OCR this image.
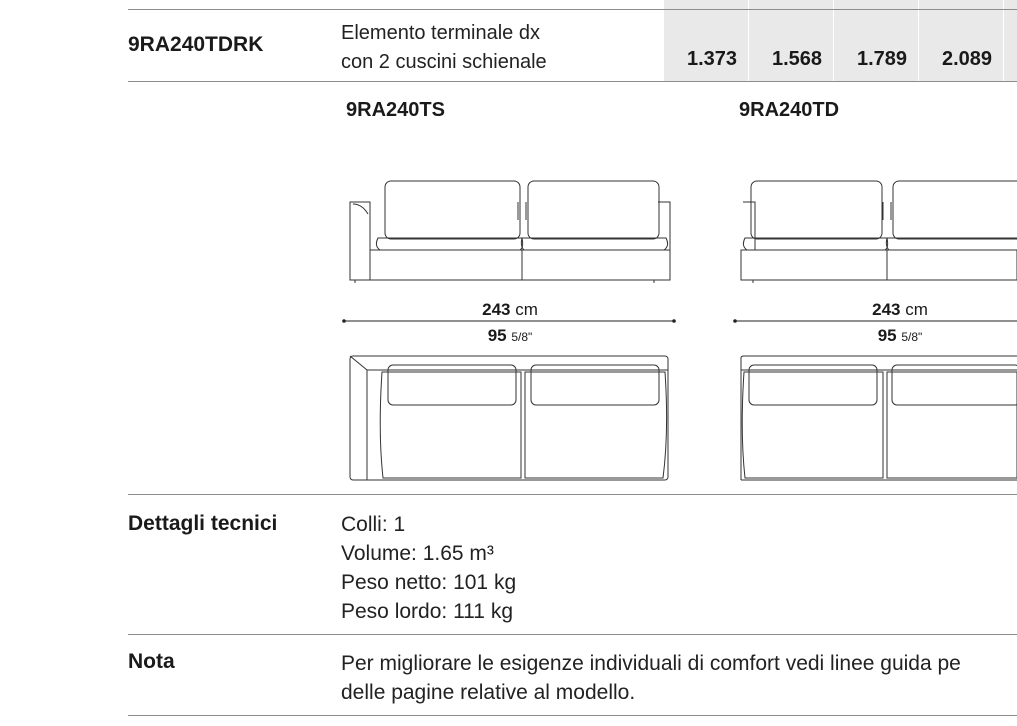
9RA240TDRK	Elemento terminale dx
con 2 cuscini schienale	1.373	1.568	1.789	2.089
9RA240TS	9RA240TD
243 cm
95 5/8"
243 cm
95 5/8"
Dettagli tecnici	Colli: 1
Volume: 1.65 m³
Peso netto: 101 kg
Peso lordo: 111 kg
Nota	Per migliorare le esigenze individuali di comfort vedi linee guida pe
delle pagine relative al modello.
